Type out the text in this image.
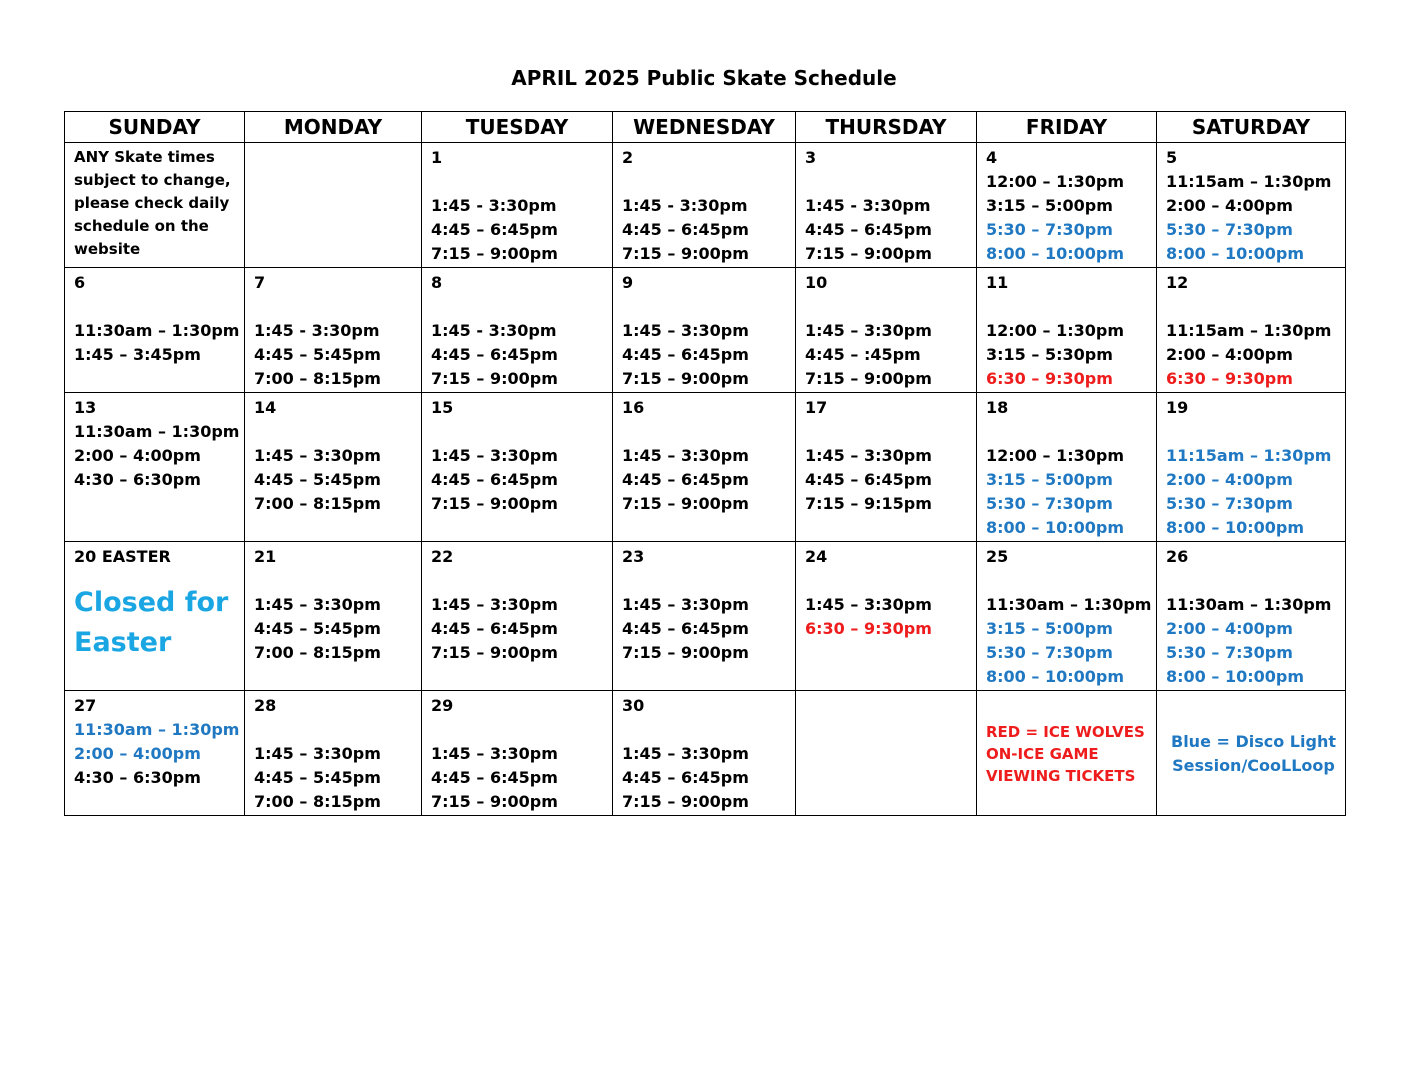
APRIL 2025 Public Skate Schedule
SUNDAY	MONDAY	TUESDAY	WEDNESDAY	THURSDAY	FRIDAY	SATURDAY

ANY Skate times subject to change, please check daily schedule on the website		1
1:45 - 3:30pm
4:45 – 6:45pm
7:15 – 9:00pm	2
1:45 - 3:30pm
4:45 – 6:45pm
7:15 – 9:00pm	3
1:45 - 3:30pm
4:45 – 6:45pm
7:15 – 9:00pm	4
12:00 – 1:30pm
3:15 – 5:00pm
5:30 – 7:30pm
8:00 – 10:00pm	5
11:15am – 1:30pm
2:00 – 4:00pm
5:30 – 7:30pm
8:00 – 10:00pm

6
11:30am – 1:30pm
1:45 – 3:45pm	7
1:45 - 3:30pm
4:45 – 5:45pm
7:00 – 8:15pm	8
1:45 - 3:30pm
4:45 – 6:45pm
7:15 – 9:00pm	9
1:45 – 3:30pm
4:45 – 6:45pm
7:15 – 9:00pm	10
1:45 – 3:30pm
4:45 – :45pm
7:15 – 9:00pm	11
12:00 – 1:30pm
3:15 – 5:30pm
6:30 – 9:30pm	12
11:15am – 1:30pm
2:00 – 4:00pm
6:30 – 9:30pm

13
11:30am – 1:30pm
2:00 – 4:00pm
4:30 – 6:30pm	14
1:45 – 3:30pm
4:45 – 5:45pm
7:00 – 8:15pm	15
1:45 – 3:30pm
4:45 – 6:45pm
7:15 – 9:00pm	16
1:45 – 3:30pm
4:45 – 6:45pm
7:15 – 9:00pm	17
1:45 – 3:30pm
4:45 – 6:45pm
7:15 – 9:15pm	18
12:00 – 1:30pm
3:15 – 5:00pm
5:30 – 7:30pm
8:00 – 10:00pm	19
11:15am – 1:30pm
2:00 – 4:00pm
5:30 – 7:30pm
8:00 – 10:00pm

20 EASTER
Closed for Easter	21
1:45 – 3:30pm
4:45 – 5:45pm
7:00 – 8:15pm	22
1:45 – 3:30pm
4:45 – 6:45pm
7:15 – 9:00pm	23
1:45 – 3:30pm
4:45 – 6:45pm
7:15 – 9:00pm	24
1:45 – 3:30pm
6:30 – 9:30pm	25
11:30am – 1:30pm
3:15 – 5:00pm
5:30 – 7:30pm
8:00 – 10:00pm	26
11:30am – 1:30pm
2:00 – 4:00pm
5:30 – 7:30pm
8:00 – 10:00pm

27
11:30am – 1:30pm
2:00 – 4:00pm
4:30 – 6:30pm	28
1:45 – 3:30pm
4:45 – 5:45pm
7:00 – 8:15pm	29
1:45 – 3:30pm
4:45 – 6:45pm
7:15 – 9:00pm	30
1:45 – 3:30pm
4:45 – 6:45pm
7:15 – 9:00pm		RED = ICE WOLVES
ON-ICE GAME
VIEWING TICKETS	Blue = Disco Light
Session/CooLLoop
